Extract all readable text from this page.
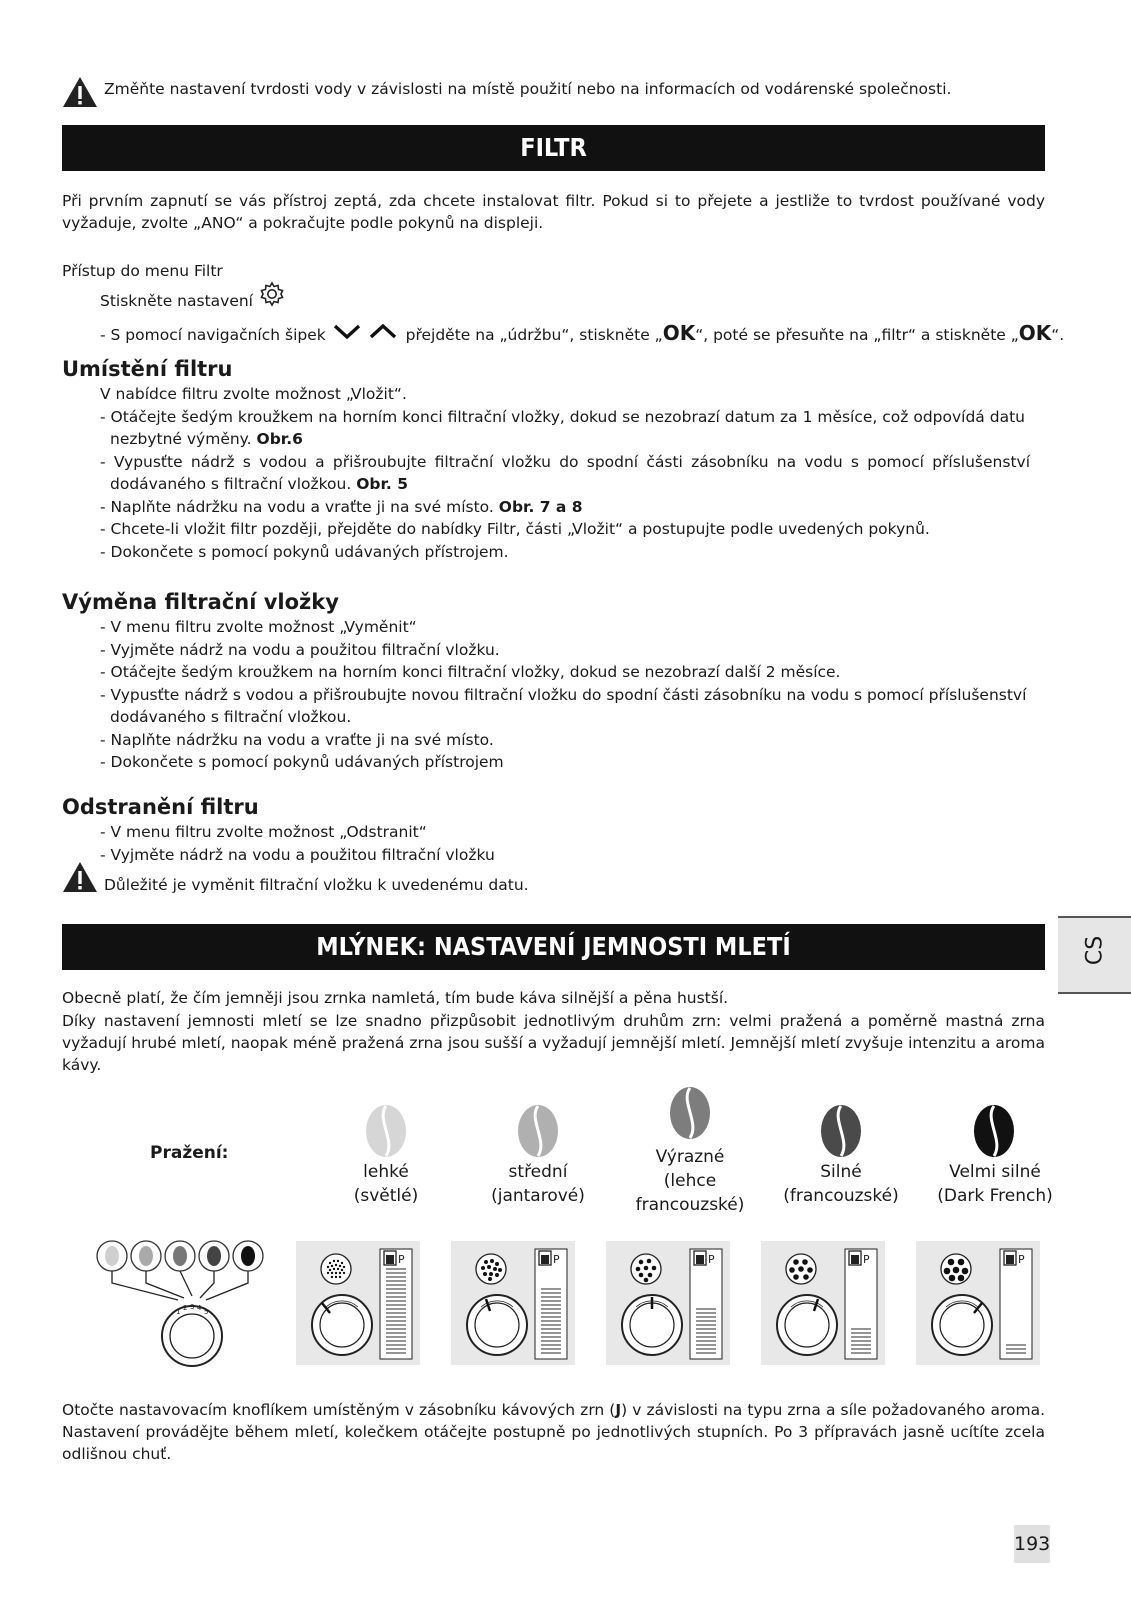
Změňte nastavení tvrdosti vody v závislosti na místě použití nebo na informacích od vodárenské společnosti.
FILTR
Při prvním zapnutí se vás přístroj zeptá, zda chcete instalovat filtr. Pokud si to přejete a jestliže to tvrdost používané vody vyžaduje, zvolte „ANO“ a pokračujte podle pokynů na displeji.
Přístup do menu Filtr
Stiskněte nastavení
- S pomocí navigačních šipek	přejděte na „údržbu“, stiskněte „OK“, poté se přesuňte na „filtr“ a stiskněte „OK“.
Umístění filtru
V nabídce filtru zvolte možnost „Vložit“.
- Otáčejte šedým kroužkem na horním konci filtrační vložky, dokud se nezobrazí datum za 1 měsíce, což odpovídá datu
nezbytné výměny. Obr.6
- Vypusťte nádrž s vodou a přišroubujte filtrační vložku do spodní části zásobníku na vodu s pomocí příslušenství
dodávaného s filtrační vložkou. Obr. 5
- Naplňte nádržku na vodu a vraťte ji na své místo. Obr. 7 a 8
- Chcete-li vložit filtr později, přejděte do nabídky Filtr, části „Vložit“ a postupujte podle uvedených pokynů.
- Dokončete s pomocí pokynů udávaných přístrojem.
Výměna filtrační vložky
- V menu filtru zvolte možnost „Vyměnit“
- Vyjměte nádrž na vodu a použitou filtrační vložku.
- Otáčejte šedým kroužkem na horním konci filtrační vložky, dokud se nezobrazí další 2 měsíce.
- Vypusťte nádrž s vodou a přišroubujte novou filtrační vložku do spodní části zásobníku na vodu s pomocí příslušenství
dodávaného s filtrační vložkou.
- Naplňte nádržku na vodu a vraťte ji na své místo.
- Dokončete s pomocí pokynů udávaných přístrojem
Odstranění filtru
- V menu filtru zvolte možnost „Odstranit“
- Vyjměte nádrž na vodu a použitou filtrační vložku
Důležité je vyměnit filtrační vložku k uvedenému datu.
MLÝNEK: NASTAVENÍ JEMNOSTI MLETÍ
Obecně platí, že čím jemněji jsou zrnka namletá, tím bude káva silnější a pěna hustší.
Díky nastavení jemnosti mletí se lze snadno přizpůsobit jednotlivým druhům zrn: velmi pražená a poměrně mastná zrna vyžadují hrubé mletí, naopak méně pražená zrna jsou sušší a vyžadují jemnější mletí. Jemnější mletí zvyšuje intenzitu a aroma kávy.
Pražení:
lehké
(světlé)
střední
(jantarové)
Výrazné
(lehce
francouzské)
Silné
(francouzské)
Velmi silné
(Dark French)
1 2 3 4 5
P	P	P	P	P
Otočte nastavovacím knoflíkem umístěným v zásobníku kávových zrn (J) v závislosti na typu zrna a síle požadovaného aroma. Nastavení provádějte během mletí, kolečkem otáčejte postupně po jednotlivých stupních. Po 3 přípravách jasně ucítíte zcela odlišnou chuť.
CS
193
